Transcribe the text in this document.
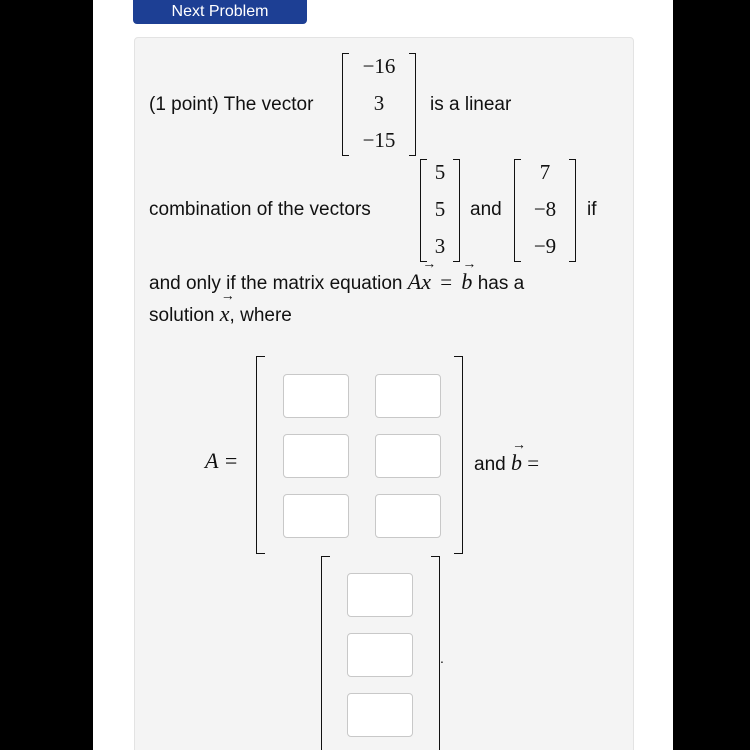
Next Problem
(1 point) The vector
−16
3
−15
is a linear
combination of the vectors
5
5
3
and
7
−8
−9
if
and only if the matrix equation A→ x = → b has a
solution → x, where
A =	and → b =
.
